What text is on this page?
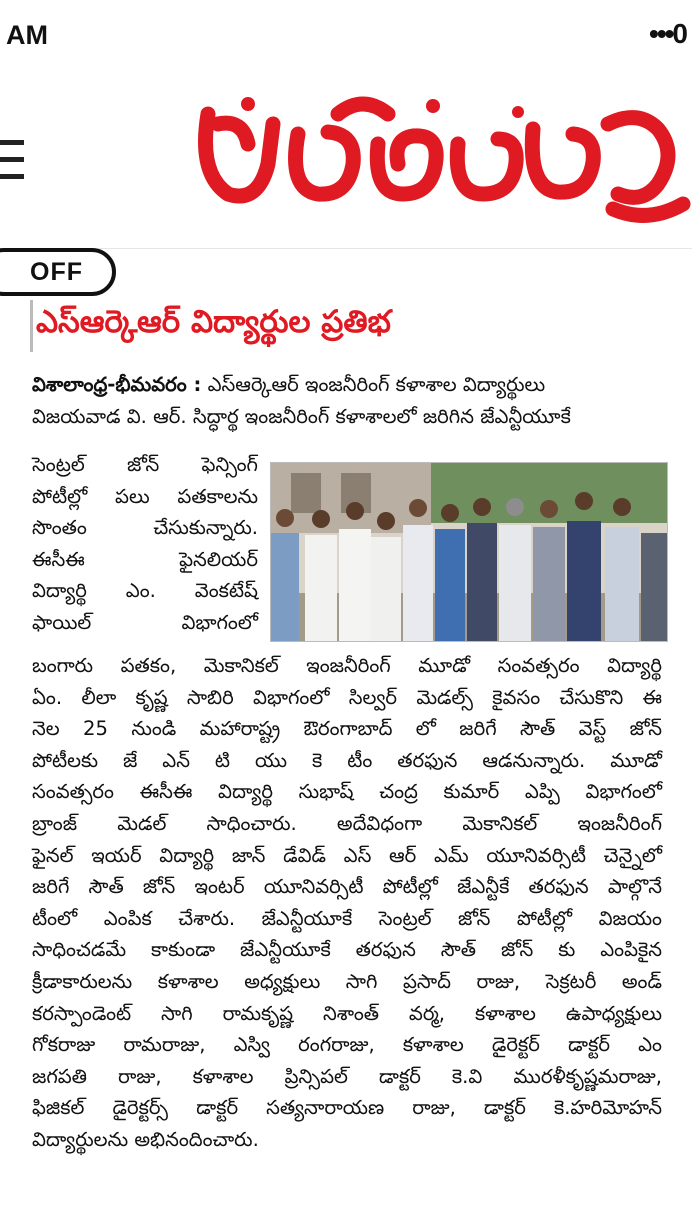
AM	•••0
OFF
ఎస్ఆర్కెఆర్ విద్యార్థుల ప్రతిభ
విశాలాంధ్ర-భీమవరం : ఎస్ఆర్కెఆర్ ఇంజనీరింగ్ కళాశాల విద్యార్థులు
విజయవాడ వి. ఆర్. సిద్ధార్థ ఇంజనీరింగ్ కళాశాలలో జరిగిన జేఎన్టీయూకే
సెంట్రల్ జోన్ ఫెన్సింగ్
పోటీల్లో పలు పతకాలను
సొంతం చేసుకున్నారు.
ఈసీఈ ఫైనలియర్
విద్యార్థి ఎం. వెంకటేష్
ఫాయిల్ విభాగంలో
బంగారు పతకం, మెకానికల్ ఇంజనీరింగ్ మూడో సంవత్సరం విద్యార్థి
ఏం. లీలా కృష్ణ సాబిరి విభాగంలో సిల్వర్ మెడల్స్ కైవసం చేసుకొని ఈ
నెల 25 నుండి మహారాష్ట్ర ఔరంగాబాద్ లో జరిగే సౌత్ వెస్ట్ జోన్
పోటీలకు జే ఎన్ టి యు కె టీం తరఫున ఆడనున్నారు. మూడో
సంవత్సరం ఈసీఈ విద్యార్థి సుభాష్ చంద్ర కుమార్ ఎప్పి విభాగంలో
బ్రాంజ్ మెడల్ సాధించారు. అదేవిధంగా మెకానికల్ ఇంజనీరింగ్
ఫైనల్ ఇయర్ విద్యార్థి జాన్ డేవిడ్ ఎస్ ఆర్ ఎమ్ యూనివర్సిటీ చెన్నైలో
జరిగే సౌత్ జోన్ ఇంటర్ యూనివర్సిటీ పోటీల్లో జేఎన్టీకే తరఫున పాల్గొనే
టీంలో ఎంపిక చేశారు. జేఎన్టీయూకే సెంట్రల్ జోన్ పోటీల్లో విజయం
సాధించడమే కాకుండా జేఎన్టీయూకే తరఫున సౌత్ జోన్ కు ఎంపికైన
క్రీడాకారులను కళాశాల అధ్యక్షులు సాగి ప్రసాద్ రాజు, సెక్రటరీ అండ్
కరస్పాండెంట్ సాగి రామకృష్ణ నిశాంత్ వర్మ, కళాశాల ఉపాధ్యక్షులు
గోకరాజు రామరాజు, ఎస్వి రంగరాజు, కళాశాల డైరెక్టర్ డాక్టర్ ఎం
జగపతి రాజు, కళాశాల ప్రిన్సిపల్ డాక్టర్ కె.వి మురళీకృష్ణమరాజు,
ఫిజికల్ డైరెక్టర్స్ డాక్టర్ సత్యనారాయణ రాజు, డాక్టర్ కె.హరిమోహన్
విద్యార్థులను అభినందించారు.
